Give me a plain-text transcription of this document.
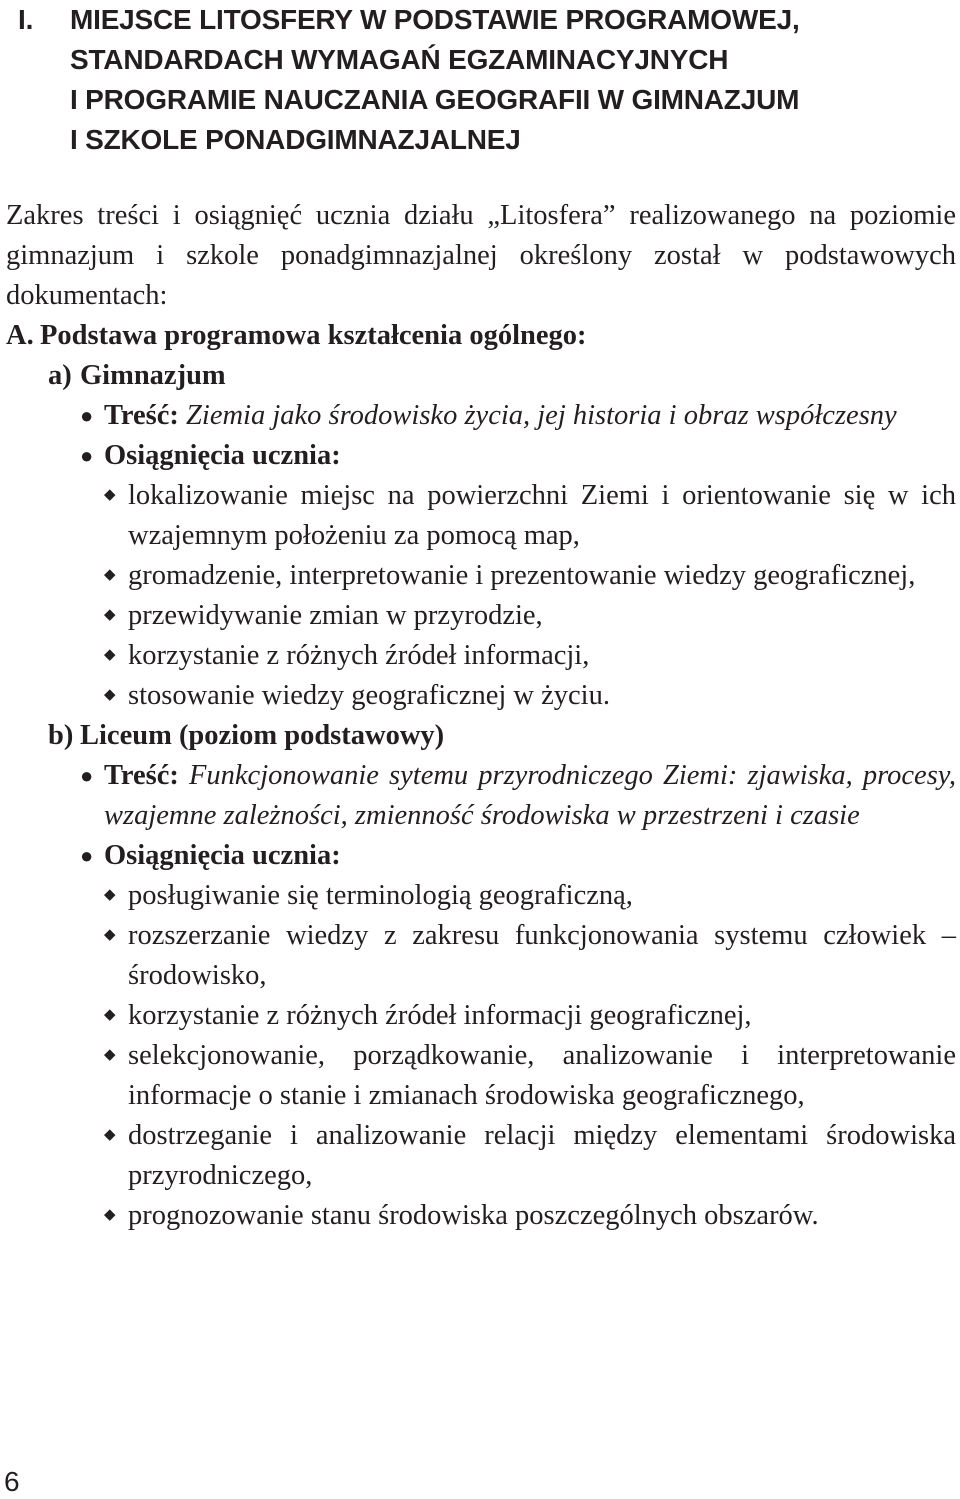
I. MIEJSCE LITOSFERY W PODSTAWIE PROGRAMOWEJ,
STANDARDACH WYMAGAŃ EGZAMINACYJNYCH
I PROGRAMIE NAUCZANIA GEOGRAFII W GIMNAZJUM
I SZKOLE PONADGIMNAZJALNEJ

Zakres treści i osiągnięć ucznia działu „Litosfera” realizowanego na poziomie gimnazjum i szkole ponadgimnazjalnej określony został w podstawowych dokumentach:

A. Podstawa programowa kształcenia ogólnego:

a) Gimnazjum

● Treść: Ziemia jako środowisko życia, jej historia i obraz współczesny
● Osiągnięcia ucznia:
◆ lokalizowanie miejsc na powierzchni Ziemi i orientowanie się w ich wzajemnym położeniu za pomocą map,
◆ gromadzenie, interpretowanie i prezentowanie wiedzy geograficznej,
◆ przewidywanie zmian w przyrodzie,
◆ korzystanie z różnych źródeł informacji,
◆ stosowanie wiedzy geograficznej w życiu.

b) Liceum (poziom podstawowy)

● Treść: Funkcjonowanie sytemu przyrodniczego Ziemi: zjawiska, procesy, wzajemne zależności, zmienność środowiska w przestrzeni i czasie
● Osiągnięcia ucznia:
◆ posługiwanie się terminologią geograficzną,
◆ rozszerzanie wiedzy z zakresu funkcjonowania systemu człowiek – środowisko,
◆ korzystanie z różnych źródeł informacji geograficznej,
◆ selekcjonowanie, porządkowanie, analizowanie i interpretowanie informacje o stanie i zmianach środowiska geograficznego,
◆ dostrzeganie i analizowanie relacji między elementami środowiska przyrodniczego,
◆ prognozowanie stanu środowiska poszczególnych obszarów.
6
